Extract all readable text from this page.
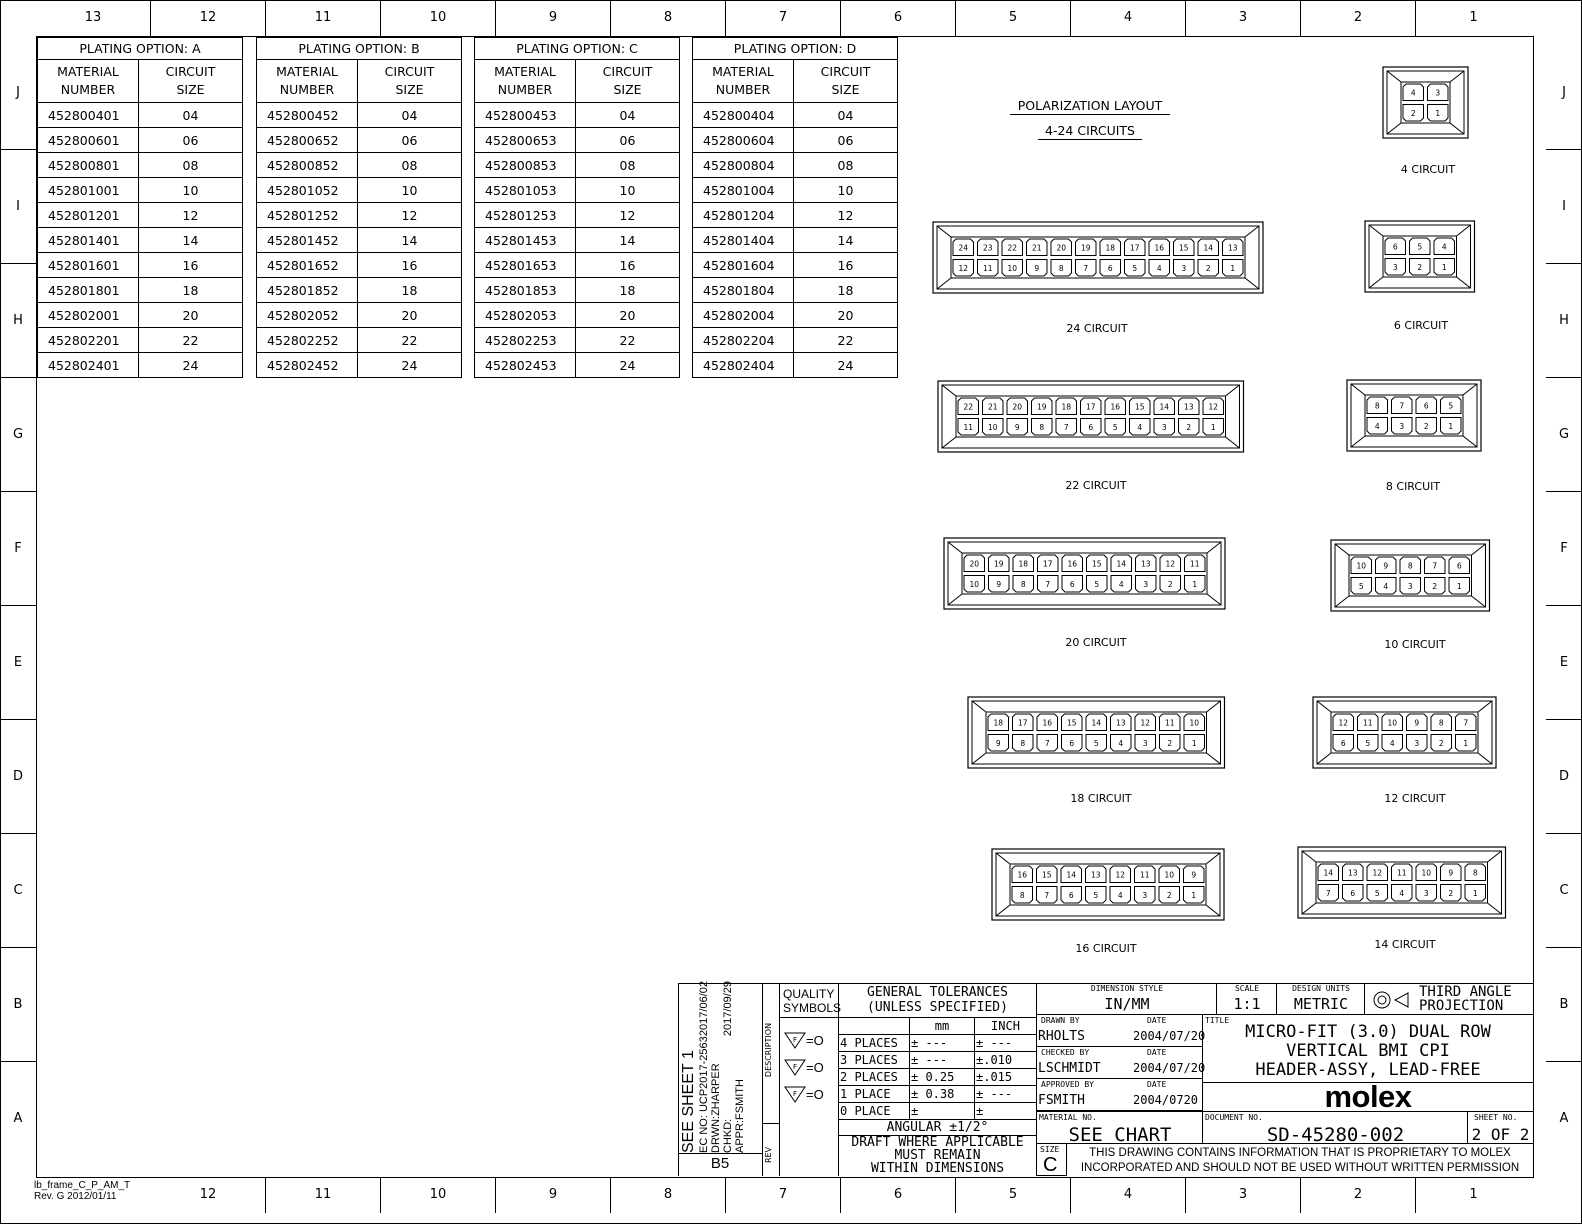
13	12	11	10	9	8	7	6	5	4	3	2	1
12	11	10	9	8	7	6	5	4	3	2	1
J
I
H
G
F
E
D
C
B
A
J
I
H
G
F
E
D
C
B
A
PLATING OPTION: A	
MATERIAL
NUMBER	CIRCUIT
SIZE
452800401	04
452800601	06
452800801	08
452801001	10
452801201	12
452801401	14
452801601	16
452801801	18
452802001	20
452802201	22
452802401	24
PLATING OPTION: B	
MATERIAL
NUMBER	CIRCUIT
SIZE
452800452	04
452800652	06
452800852	08
452801052	10
452801252	12
452801452	14
452801652	16
452801852	18
452802052	20
452802252	22
452802452	24
PLATING OPTION: C	
MATERIAL
NUMBER	CIRCUIT
SIZE
452800453	04
452800653	06
452800853	08
452801053	10
452801253	12
452801453	14
452801653	16
452801853	18
452802053	20
452802253	22
452802453	24
PLATING OPTION: D	
MATERIAL
NUMBER	CIRCUIT
SIZE
452800404	04
452800604	06
452800804	08
452801004	10
452801204	12
452801404	14
452801604	16
452801804	18
452802004	20
452802204	22
452802404	24
POLARIZATION LAYOUT
4-24 CIRCUITS
4	3
2	1
4 CIRCUIT
6	5	4
3	2	1
6 CIRCUIT
8	7	6	5
4	3	2	1
8 CIRCUIT
10 9	8	7	6
5	4	3	2	1
10 CIRCUIT
12 11 10 9	8	7
6	5	4	3	2	1
12 CIRCUIT
14 13 12 11 10 9	8
7	6	5	4	3	2	1
14 CIRCUIT
16 15 14 13 12 11 10 9
8	7	6	5	4	3	2	1
16 CIRCUIT
18 17 16 15 14 13 12 11 10
9	8	7	6	5	4	3	2	1
18 CIRCUIT
20 19 18 17 16 15 14 13 12 11
10 9	8	7	6	5	4	3	2	1
20 CIRCUIT
22 21 20 19 18 17 16 15 14 13 12
11 10 9	8	7	6	5	4	3	2	1
22 CIRCUIT
24 23 22 21 20 19 18 17 16 15 14 13
12 11 10 9	8	7	6	5	4	3	2	1
24 CIRCUIT
SEE SHEET 1 EC NO: UCP2017-2563
2017/06/02
DRWN:ZHARPER CHKD:
2017/09/29
APPR:FSMITH
DESCRIPTION
REV
B5
QUALITY
SYMBOLS
F =O
F =O
F =O
GENERAL TOLERANCES
(UNLESS SPECIFIED)
	mm	INCH
4 PLACES	± ---	± ---
3 PLACES	± ---	±.010
2 PLACES	± 0.25	±.015
1 PLACE	± 0.38	± ---
0 PLACE	±	±
ANGULAR ±1/2°
DRAFT WHERE APPLICABLE
MUST REMAIN
WITHIN DIMENSIONS
DIMENSION STYLE
IN/MM
SCALE
1:1
DESIGN UNITS
METRIC
THIRD ANGLE
PROJECTION
DRAWN BY	DATE
RHOLTS	2004/07/20
CHECKED BY	DATE
LSCHMIDT	2004/07/20
APPROVED BY	DATE
FSMITH	2004/0720
TITLE
MICRO-FIT (3.0) DUAL ROW
VERTICAL BMI CPI
HEADER-ASSY, LEAD-FREE
molex
MATERIAL NO.
SEE CHART
DOCUMENT NO.
SD-45280-002
SHEET NO.
2 OF 2
SIZE
C
THIS DRAWING CONTAINS INFORMATION THAT IS PROPRIETARY TO MOLEX
INCORPORATED AND SHOULD NOT BE USED WITHOUT WRITTEN PERMISSION
lb_frame_C_P_AM_T
Rev. G 2012/01/11
